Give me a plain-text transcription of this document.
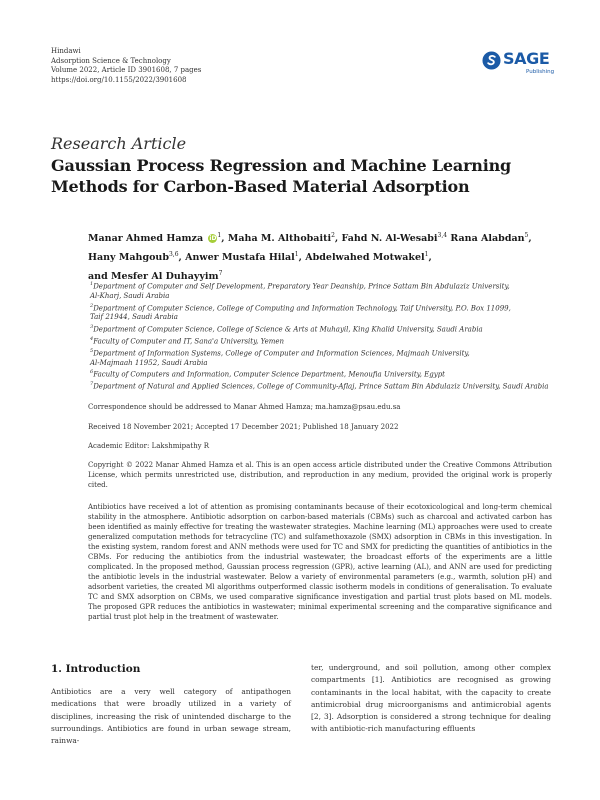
Hindawi
Adsorption Science & Technology
Volume 2022, Article ID 3901608, 7 pages
https://doi.org/10.1155/2022/3901608
SAGE
Publishing
Research Article
Gaussian Process Regression and Machine Learning Methods for Carbon-Based Material Adsorption
Manar Ahmed Hamza $iD^1$, Maha M. Althobaiti$^2$, Fahd N. Al-Wesabi$^{3,4}$ Rana Alabdan$^5$,
Hany Mahgoub$^{3,6}$, Anwer Mustafa Hilal$^1$, Abdelwahed Motwakel$^1$,
and Mesfer Al Duhayyim$^7$
$^1$Department of Computer and Self Development, Preparatory Year Deanship, Prince Sattam Bin Abdulaziz University,
Al-Kharj, Saudi Arabia
$^2$Department of Computer Science, College of Computing and Information Technology, Taif University, P.O. Box 11099,
Taif 21944, Saudi Arabia
$^3$Department of Computer Science, College of Science & Arts at Muhayil, King Khalid University, Saudi Arabia
$^4$Faculty of Computer and IT, Sana'a University, Yemen
$^5$Department of Information Systems, College of Computer and Information Sciences, Majmaah University,
Al-Majmaah 11952, Saudi Arabia
$^6$Faculty of Computers and Information, Computer Science Department, Menoufia University, Egypt
$^7$Department of Natural and Applied Sciences, College of Community-Aflaj, Prince Sattam Bin Abdulaziz University, Saudi Arabia
Correspondence should be addressed to Manar Ahmed Hamza; ma.hamza@psau.edu.sa
Received 18 November 2021; Accepted 17 December 2021; Published 18 January 2022
Academic Editor: Lakshmipathy R
Copyright © 2022 Manar Ahmed Hamza et al. This is an open access article distributed under the Creative Commons Attribution License, which permits unrestricted use, distribution, and reproduction in any medium, provided the original work is properly cited.
Antibiotics have received a lot of attention as promising contaminants because of their ecotoxicological and long-term chemical stability in the atmosphere. Antibiotic adsorption on carbon-based materials (CBMs) such as charcoal and activated carbon has been identified as mainly effective for treating the wastewater strategies. Machine learning (ML) approaches were used to create generalized computation methods for tetracycline (TC) and sulfamethoxazole (SMX) adsorption in CBMs in this investigation. In the existing system, random forest and ANN methods were used for TC and SMX for predicting the quantities of antibiotics in the CBMs. For reducing the antibiotics from the industrial wastewater, the broadcast efforts of the experiments are a little complicated. In the proposed method, Gaussian process regression (GPR), active learning (AL), and ANN are used for predicting the antibiotic levels in the industrial wastewater. Below a variety of environmental parameters (e.g., warmth, solution pH) and adsorbent varieties, the created Ml algorithms outperformed classic isotherm models in conditions of generalisation. To evaluate TC and SMX adsorption on CBMs, we used comparative significance investigation and partial trust plots based on ML models. The proposed GPR reduces the antibiotics in wastewater; minimal experimental screening and the comparative significance and partial trust plot help in the treatment of wastewater.
1. Introduction
Antibiotics are a very well category of antipathogen medications that were broadly utilized in a variety of disciplines, increasing the risk of unintended discharge to the surroundings. Antibiotics are found in urban sewage stream, rainwa-
ter, underground, and soil pollution, among other complex compartments [1]. Antibiotics are recognised as growing contaminants in the local habitat, with the capacity to create antimicrobial drug microorganisms and antimicrobial agents [2, 3]. Adsorption is considered a strong technique for dealing with antibiotic-rich manufacturing effluents
